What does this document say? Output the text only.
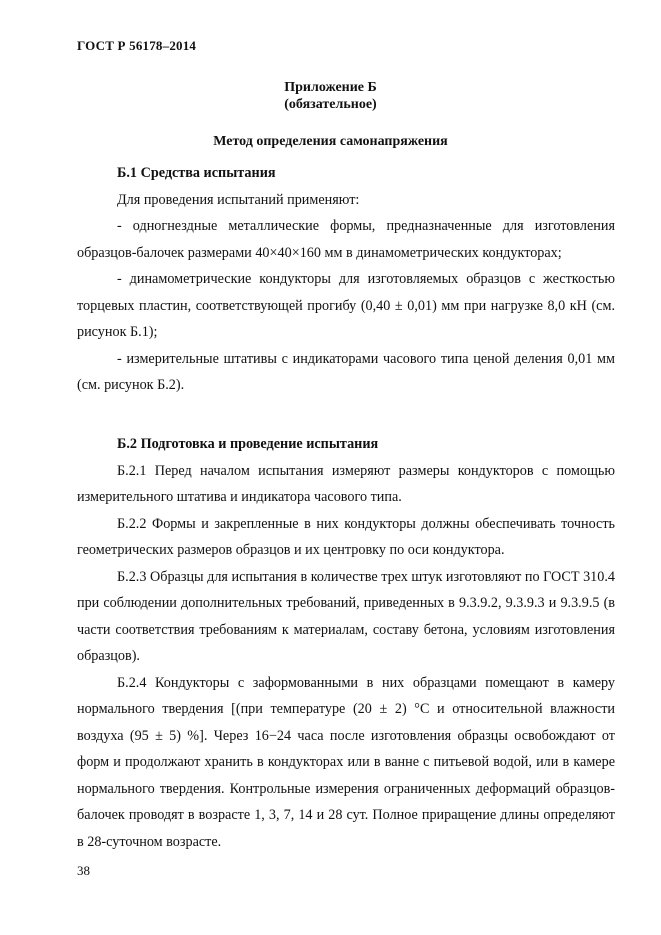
ГОСТ Р 56178–2014
Приложение Б
(обязательное)
Метод определения самонапряжения

Б.1 Средства испытания

Для проведения испытаний применяют:

- одногнездные металлические формы, предназначенные для изготовления образцов-балочек размерами 40×40×160 мм в динамометрических кондукторах;

- динамометрические кондукторы для изготовляемых образцов с жесткостью торцевых пластин, соответствующей прогибу (0,40 ± 0,01) мм при нагрузке 8,0 кН (см. рисунок Б.1);

- измерительные штативы с индикаторами часового типа ценой деления 0,01 мм (см. рисунок Б.2).

Б.2 Подготовка и проведение испытания

Б.2.1 Перед началом испытания измеряют размеры кондукторов с помощью измерительного штатива и индикатора часового типа.

Б.2.2 Формы и закрепленные в них кондукторы должны обеспечивать точность геометрических размеров образцов и их центровку по оси кондуктора.

Б.2.3 Образцы для испытания в количестве трех штук изготовляют по ГОСТ 310.4 при соблюдении дополнительных требований, приведенных в 9.3.9.2, 9.3.9.3 и 9.3.9.5 (в части соответствия требованиям к материалам, составу бетона, условиям изготовления образцов).

Б.2.4 Кондукторы с заформованными в них образцами помещают в камеру нормального твердения [(при температуре (20 ± 2) °С и относительной влажности воздуха (95 ± 5) %]. Через 16−24 часа после изготовления образцы освобождают от форм и продолжают хранить в кондукторах или в ванне с питьевой водой, или в камере нормального твердения. Контрольные измерения ограниченных деформаций образцов-балочек проводят в возрасте 1, 3, 7, 14 и 28 сут. Полное приращение длины определяют в 28-суточном возрасте.

38
